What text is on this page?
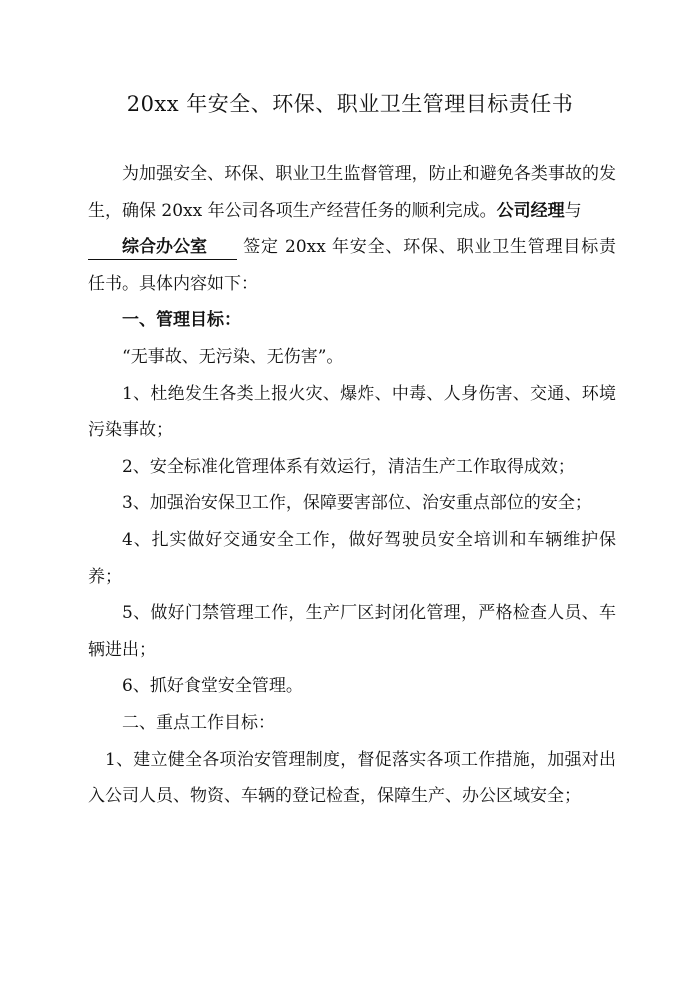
20xx 年安全、环保、职业卫生管理目标责任书

为加强安全、环保、职业卫生监督管理，防止和避免各类事故的发生，确保 20xx 年公司各项生产经营任务的顺利完成。公司经理与
综合办公室 签定 20xx 年安全、环保、职业卫生管理目标责任书。具体内容如下：

一、管理目标：

“无事故、无污染、无伤害”。

1、杜绝发生各类上报火灾、爆炸、中毒、人身伤害、交通、环境污染事故；

2、安全标准化管理体系有效运行，清洁生产工作取得成效；

3、加强治安保卫工作，保障要害部位、治安重点部位的安全；

4、扎实做好交通安全工作，做好驾驶员安全培训和车辆维护保养；

5、做好门禁管理工作，生产厂区封闭化管理，严格检查人员、车辆进出；

6、抓好食堂安全管理。

二、重点工作目标：

1、建立健全各项治安管理制度，督促落实各项工作措施，加强对出入公司人员、物资、车辆的登记检查，保障生产、办公区域安全；
